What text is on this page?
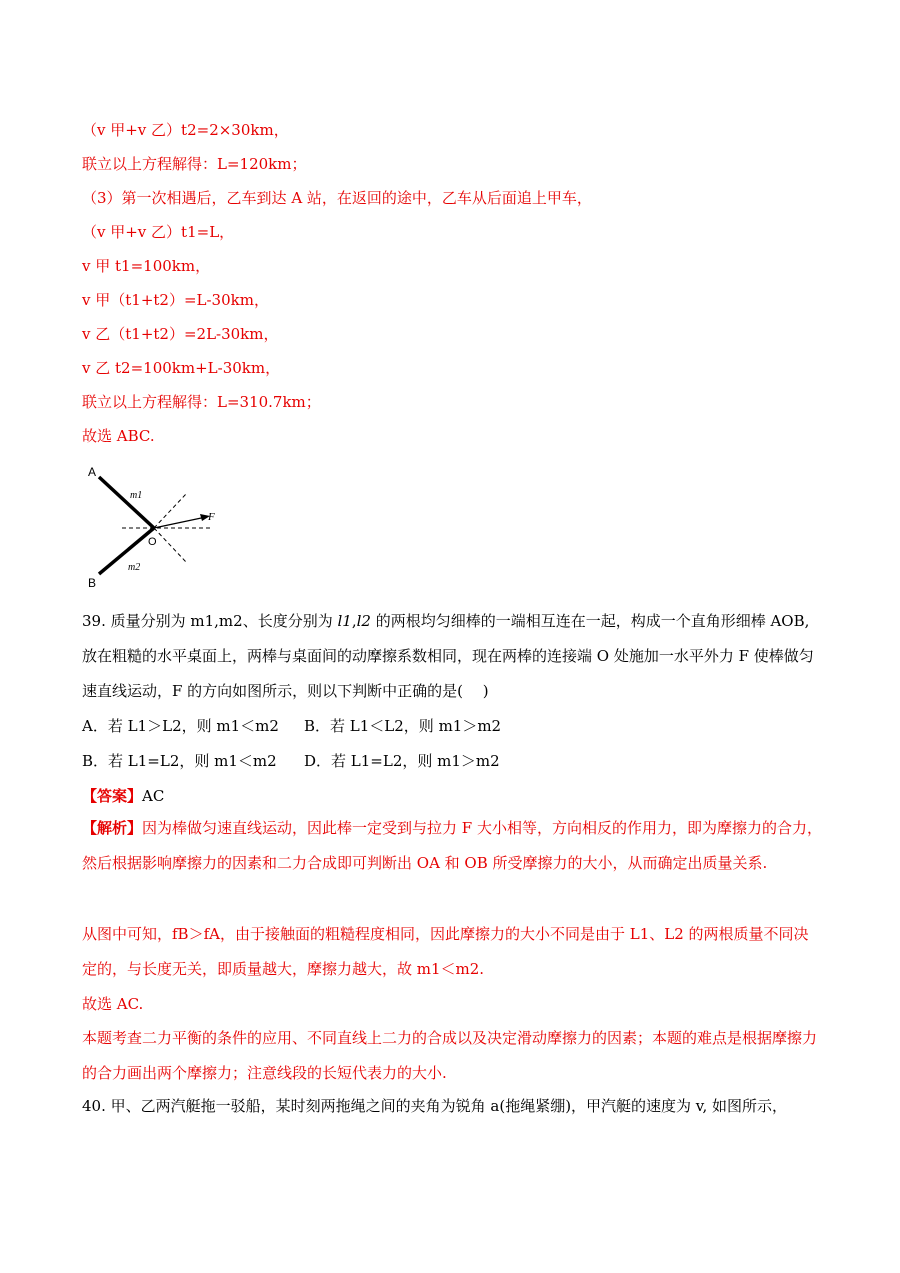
（v 甲+v 乙）t2=2×30km，
联立以上方程解得：L=120km；
（3）第一次相遇后，乙车到达 A 站，在返回的途中，乙车从后面追上甲车，
（v 甲+v 乙）t1=L，
v 甲 t1=100km，
v 甲（t1+t2）=L-30km，
v 乙（t1+t2）=2L-30km，
v 乙 t2=100km+L-30km，
联立以上方程解得：L=310.7km；
故选 ABC.
A
B
O
F
m1
m2
39. 质量分别为 m1,m2、长度分别为 l1,l2 的两根均匀细棒的一端相互连在一起，构成一个直角形细棒 AOB,放在粗糙的水平桌面上，两棒与桌面间的动摩擦系数相同，现在两棒的连接端 O 处施加一水平外力 F 使棒做匀速直线运动，F 的方向如图所示，则以下判断中正确的是(　 )
A．若 L1＞L2，则 m1＜m2 B．若 L1＜L2，则 m1＞m2
B．若 L1=L2，则 m1＜m2 D．若 L1=L2，则 m1＞m2
【答案】AC
【解析】因为棒做匀速直线运动，因此棒一定受到与拉力 F 大小相等，方向相反的作用力，即为摩擦力的合力，然后根据影响摩擦力的因素和二力合成即可判断出 OA 和 OB 所受摩擦力的大小，从而确定出质量关系.
从图中可知，fB＞fA，由于接触面的粗糙程度相同，因此摩擦力的大小不同是由于 L1、L2 的两根质量不同决定的，与长度无关，即质量越大，摩擦力越大，故 m1＜m2.
故选 AC.
本题考查二力平衡的条件的应用、不同直线上二力的合成以及决定滑动摩擦力的因素；本题的难点是根据摩擦力的合力画出两个摩擦力；注意线段的长短代表力的大小.
40. 甲、乙两汽艇拖一驳船，某时刻两拖绳之间的夹角为锐角 a(拖绳紧绷)，甲汽艇的速度为 v, 如图所示，
